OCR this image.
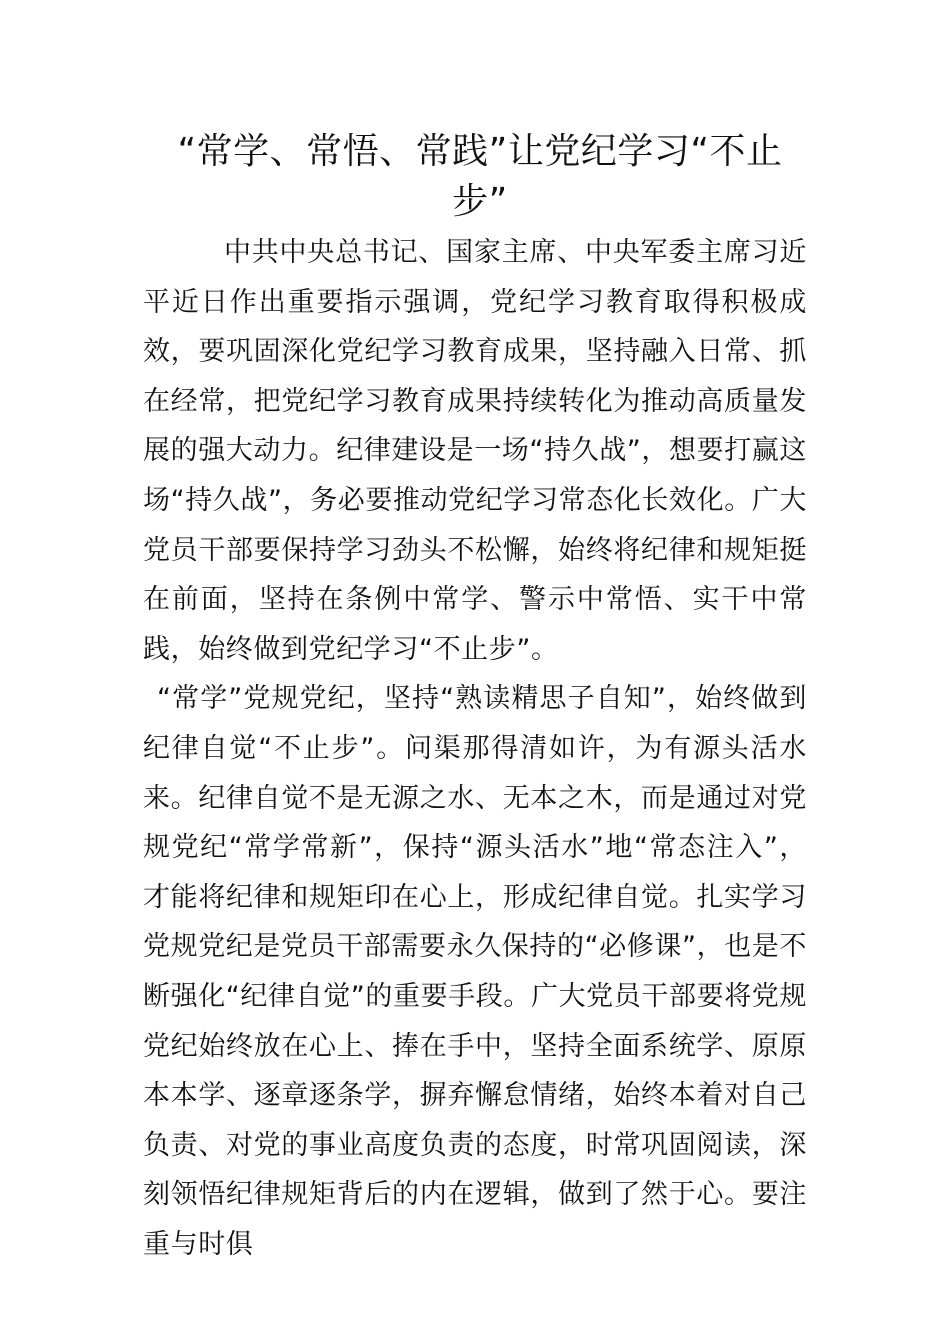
“常学、常悟、常践”让党纪学习“不止步”

中共中央总书记、国家主席、中央军委主席习近平近日作出重要指示强调，党纪学习教育取得积极成效，要巩固深化党纪学习教育成果，坚持融入日常、抓在经常，把党纪学习教育成果持续转化为推动高质量发展的强大动力。纪律建设是一场“持久战”，想要打赢这场“持久战”，务必要推动党纪学习常态化长效化。广大党员干部要保持学习劲头不松懈，始终将纪律和规矩挺在前面，坚持在条例中常学、警示中常悟、实干中常践，始终做到党纪学习“不止步”。

“常学”党规党纪，坚持“熟读精思子自知”，始终做到纪律自觉“不止步”。问渠那得清如许，为有源头活水来。纪律自觉不是无源之水、无本之木，而是通过对党规党纪“常学常新”，保持“源头活水”地“常态注入”，才能将纪律和规矩印在心上，形成纪律自觉。扎实学习党规党纪是党员干部需要永久保持的“必修课”，也是不断强化“纪律自觉”的重要手段。广大党员干部要将党规党纪始终放在心上、捧在手中，坚持全面系统学、原原本本学、逐章逐条学，摒弃懈怠情绪，始终本着对自己负责、对党的事业高度负责的态度，时常巩固阅读，深刻领悟纪律规矩背后的内在逻辑，做到了然于心。要注重与时俱
